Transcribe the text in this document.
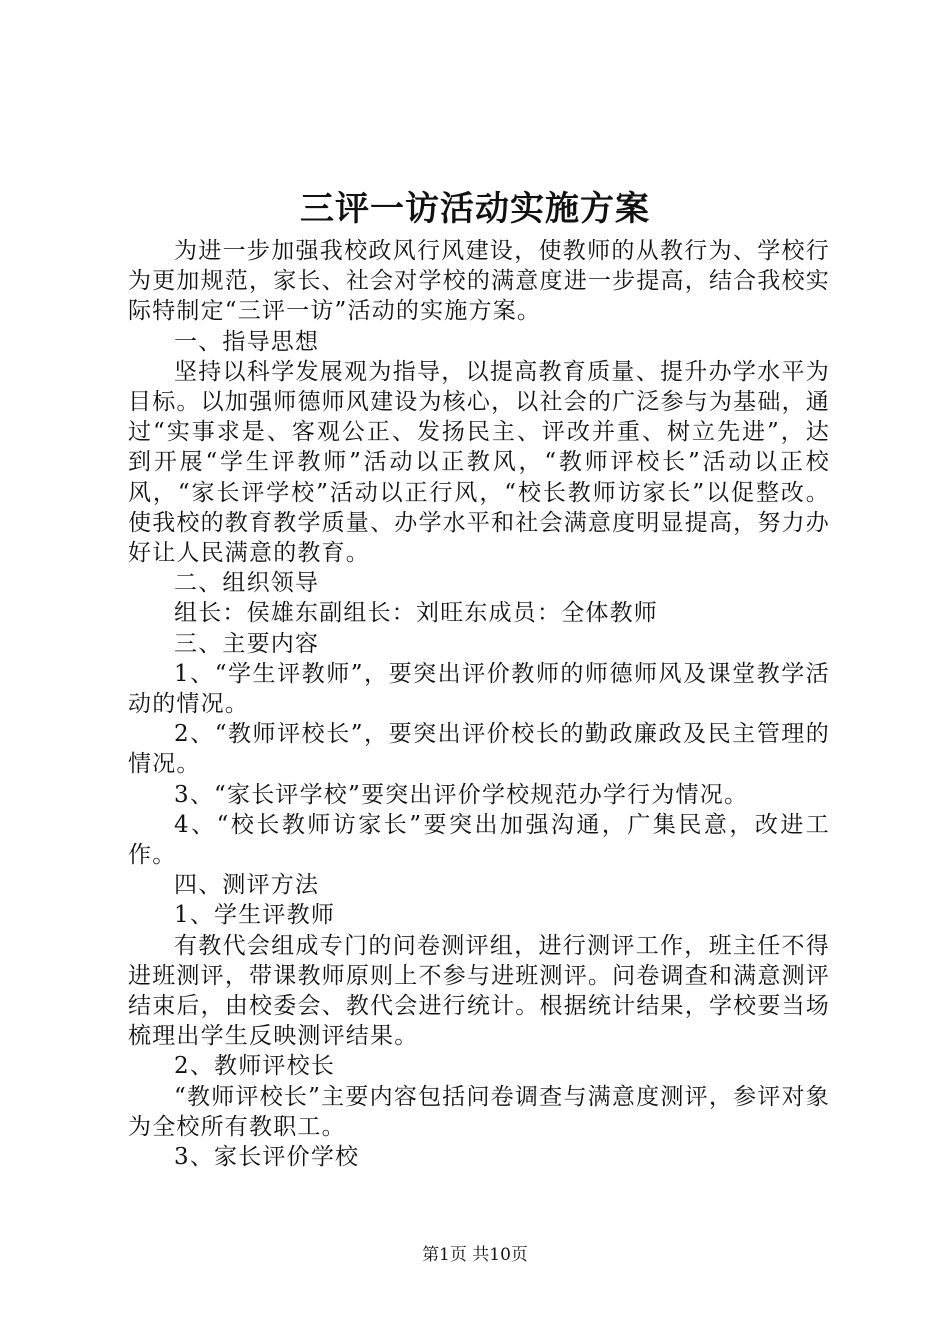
三评一访活动实施方案

为进一步加强我校政风行风建设，使教师的从教行为、学校行为更加规范，家长、社会对学校的满意度进一步提高，结合我校实际特制定“三评一访”活动的实施方案。

一、指导思想

坚持以科学发展观为指导，以提高教育质量、提升办学水平为目标。以加强师德师风建设为核心，以社会的广泛参与为基础，通过“实事求是、客观公正、发扬民主、评改并重、树立先进”，达到开展“学生评教师”活动以正教风，“教师评校长”活动以正校风，“家长评学校”活动以正行风，“校长教师访家长”以促整改。使我校的教育教学质量、办学水平和社会满意度明显提高，努力办好让人民满意的教育。

二、组织领导

组长：侯雄东副组长：刘旺东成员：全体教师

三、主要内容

1、“学生评教师”，要突出评价教师的师德师风及课堂教学活动的情况。

2、“教师评校长”，要突出评价校长的勤政廉政及民主管理的情况。

3、“家长评学校”要突出评价学校规范办学行为情况。

4、“校长教师访家长”要突出加强沟通，广集民意，改进工作。

四、测评方法

1、学生评教师

有教代会组成专门的问卷测评组，进行测评工作，班主任不得进班测评，带课教师原则上不参与进班测评。问卷调查和满意测评结束后，由校委会、教代会进行统计。根据统计结果，学校要当场梳理出学生反映测评结果。

2、教师评校长

“教师评校长”主要内容包括问卷调查与满意度测评，参评对象为全校所有教职工。

3、家长评价学校

第1页 共10页
